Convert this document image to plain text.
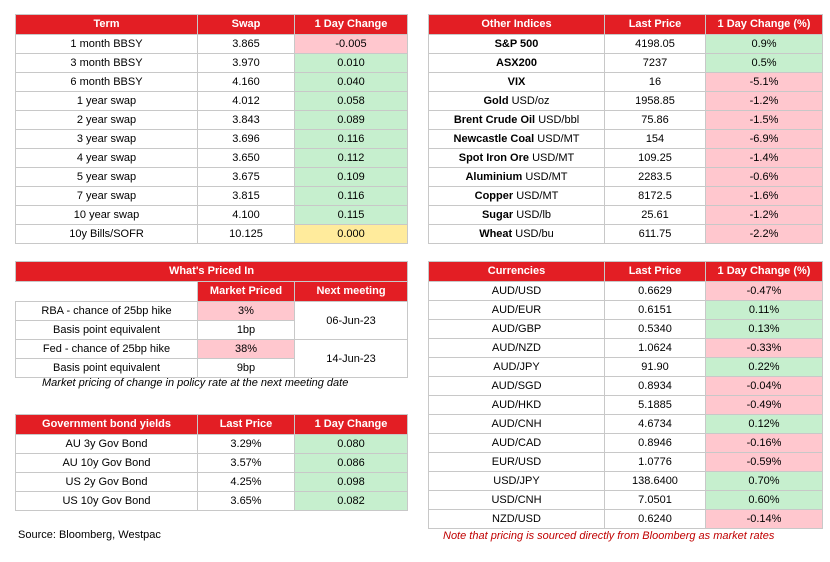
Term	Swap	1 Day Change
1 month BBSY	3.865	-0.005
3 month BBSY	3.970	0.010
6 month BBSY	4.160	0.040
1 year swap	4.012	0.058
2 year swap	3.843	0.089
3 year swap	3.696	0.116
4 year swap	3.650	0.112
5 year swap	3.675	0.109
7 year swap	3.815	0.116
10 year swap	4.100	0.115
10y Bills/SOFR	10.125	0.000
Other Indices	Last Price	1 Day Change (%)
S&P 500	4198.05	0.9%
ASX200	7237	0.5%
VIX	16	-5.1%
Gold USD/oz	1958.85	-1.2%
Brent Crude Oil USD/bbl	75.86	-1.5%
Newcastle Coal USD/MT	154	-6.9%
Spot Iron Ore USD/MT	109.25	-1.4%
Aluminium USD/MT	2283.5	-0.6%
Copper USD/MT	8172.5	-1.6%
Sugar USD/lb	25.61	-1.2%
Wheat USD/bu	611.75	-2.2%
What's Priced In		
	Market Priced	Next meeting
RBA - chance of 25bp hike	3%	06-Jun-23
Basis point equivalent	1bp	
Fed - chance of 25bp hike	38%	14-Jun-23
Basis point equivalent	9bp	
Market pricing of change in policy rate at the next meeting date
Government bond yields	Last Price	1 Day Change
AU 3y Gov Bond	3.29%	0.080
AU 10y Gov Bond	3.57%	0.086
US 2y Gov Bond	4.25%	0.098
US 10y Gov Bond	3.65%	0.082
Currencies	Last Price	1 Day Change (%)
AUD/USD	0.6629	-0.47%
AUD/EUR	0.6151	0.11%
AUD/GBP	0.5340	0.13%
AUD/NZD	1.0624	-0.33%
AUD/JPY	91.90	0.22%
AUD/SGD	0.8934	-0.04%
AUD/HKD	5.1885	-0.49%
AUD/CNH	4.6734	0.12%
AUD/CAD	0.8946	-0.16%
EUR/USD	1.0776	-0.59%
USD/JPY	138.6400	0.70%
USD/CNH	7.0501	0.60%
NZD/USD	0.6240	-0.14%
Source: Bloomberg, Westpac	Note that pricing is sourced directly from Bloomberg as market rates
